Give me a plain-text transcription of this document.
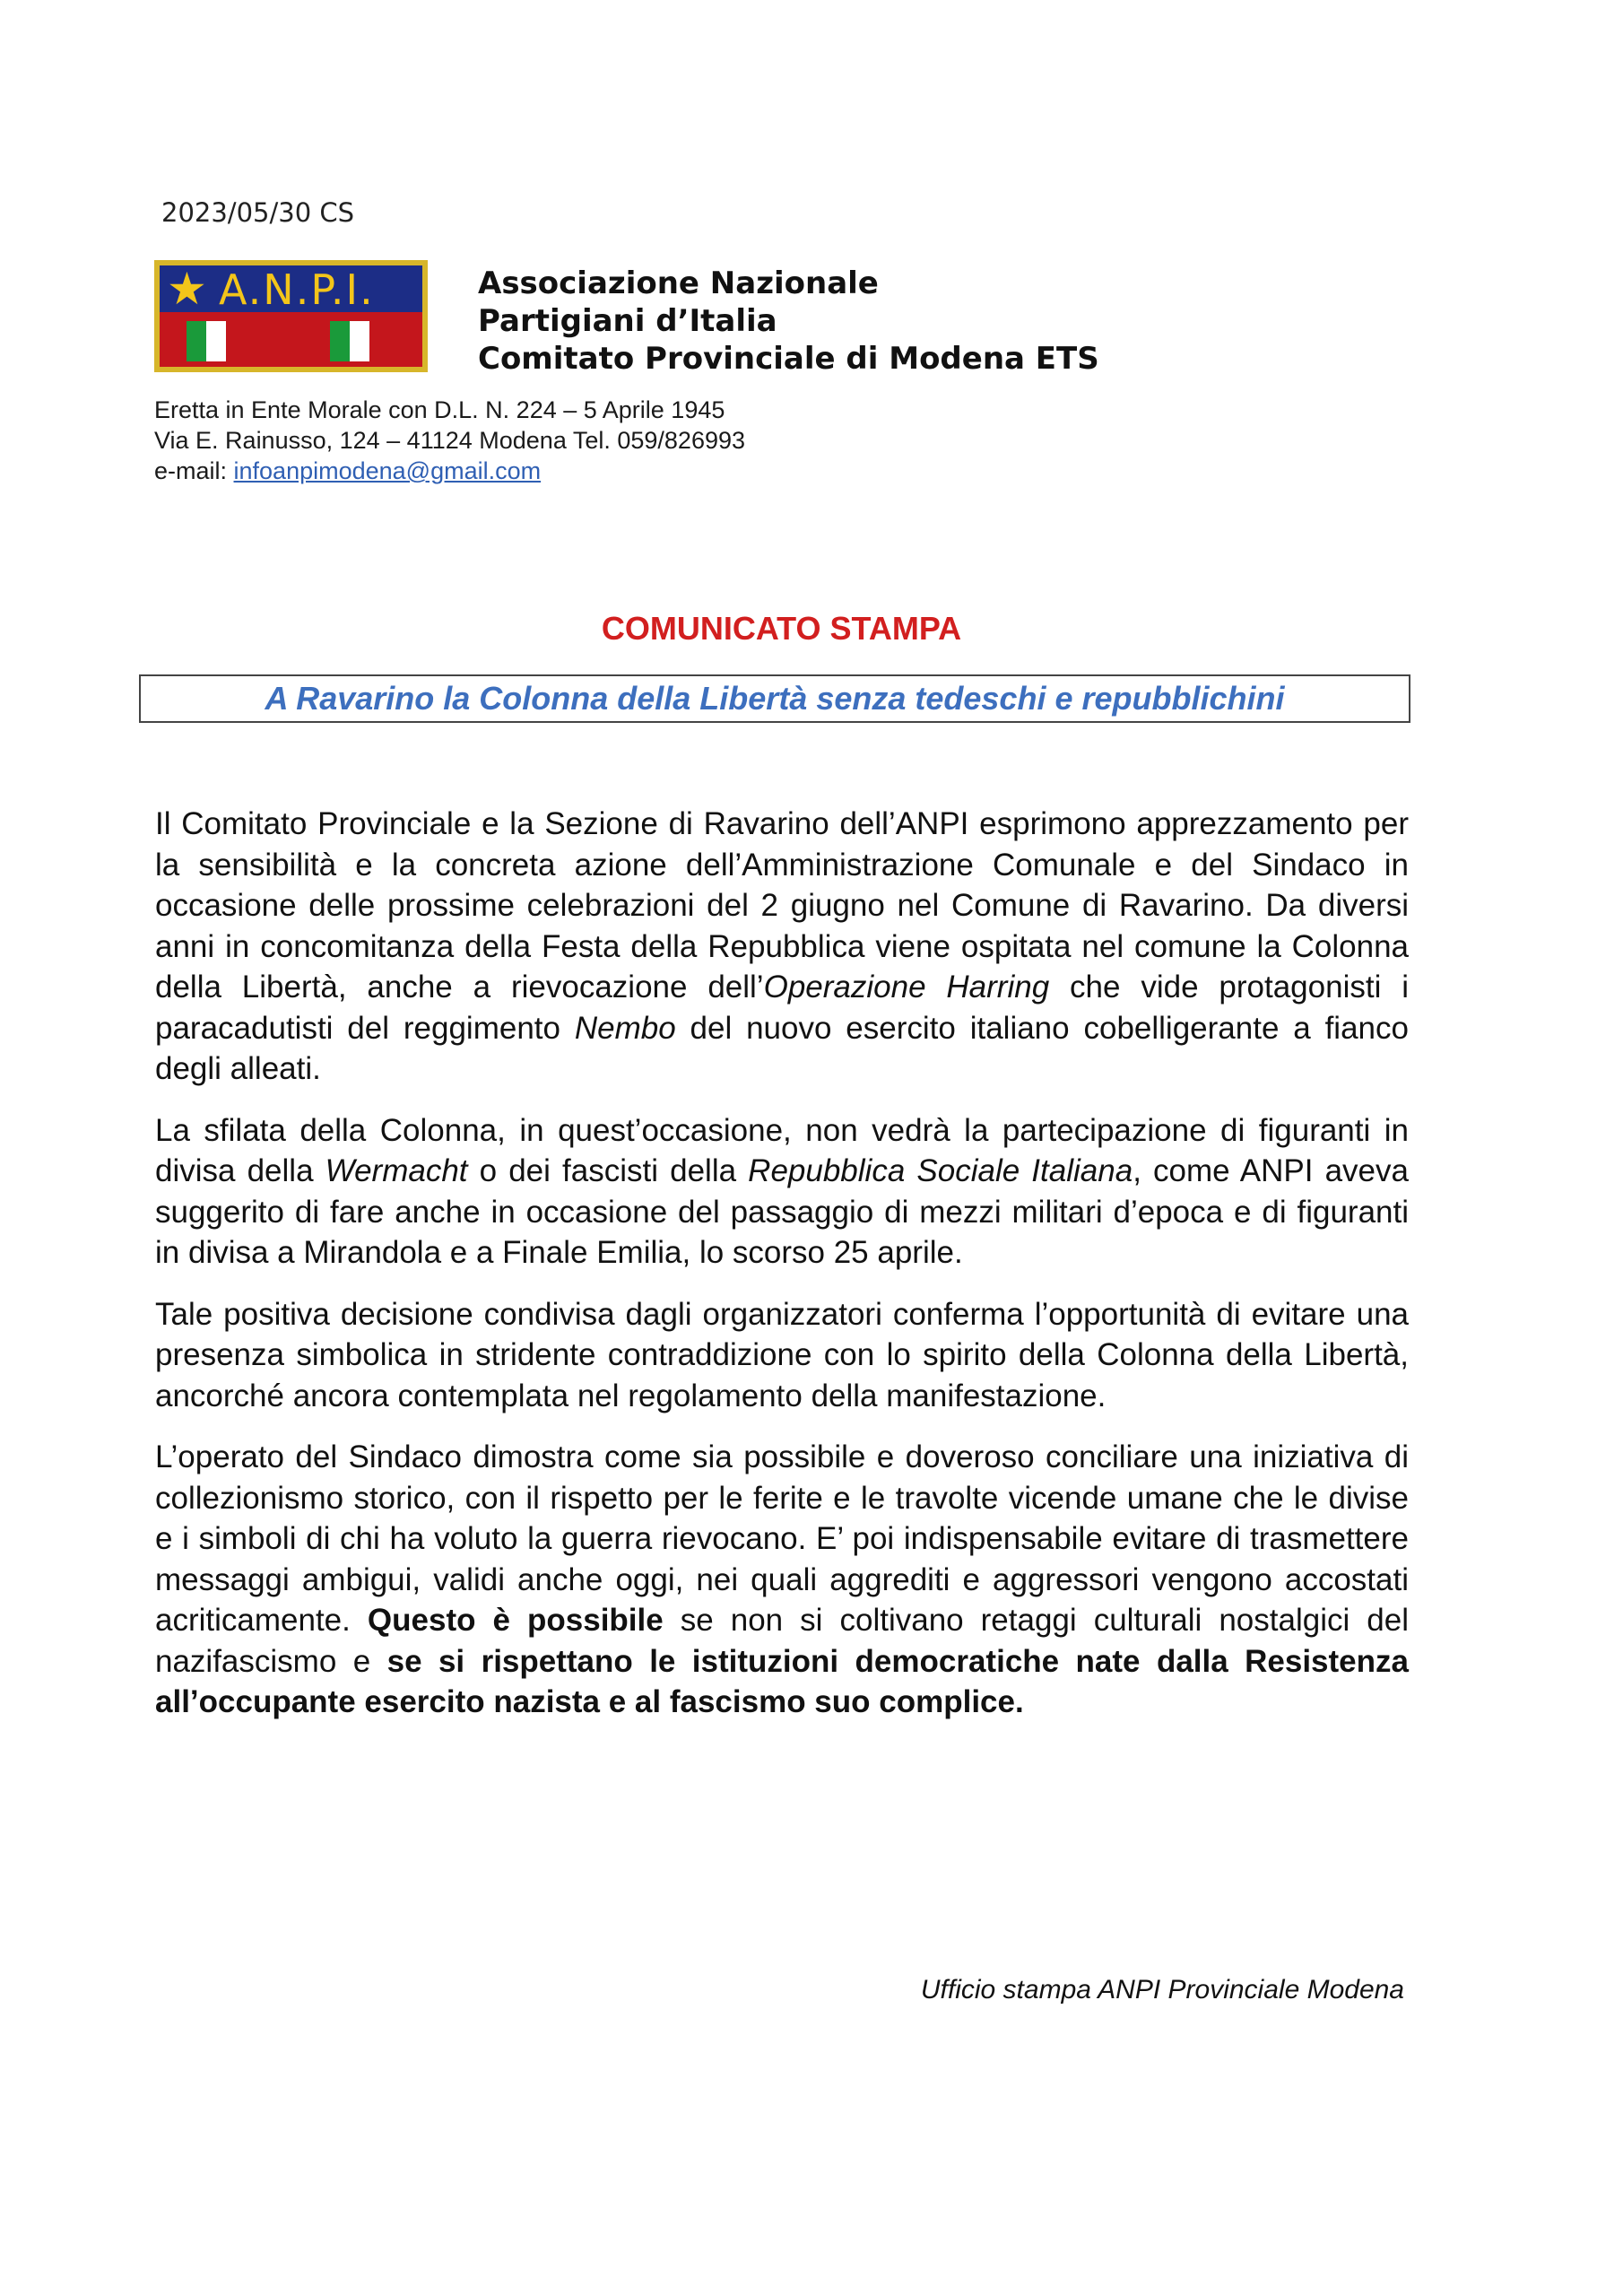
2023/05/30 CS
★ A.N.P.I.	Associazione Nazionale
Partigiani d’Italia
Comitato Provinciale di Modena ETS
Eretta in Ente Morale con D.L. N. 224 – 5 Aprile 1945
Via E. Rainusso, 124 – 41124 Modena Tel. 059/826993
e-mail: infoanpimodena@gmail.com
COMUNICATO STAMPA
A Ravarino la Colonna della Libertà senza tedeschi e repubblichini

Il Comitato Provinciale e la Sezione di Ravarino dell’ANPI esprimono apprezzamento per la sensibilità e la concreta azione dell’Amministrazione Comunale e del Sindaco in occasione delle prossime celebrazioni del 2 giugno nel Comune di Ravarino. Da diversi anni in concomitanza della Festa della Repubblica viene ospitata nel comune la Colonna della Libertà, anche a rievocazione dell’Operazione Harring che vide protagonisti i paracadutisti del reggimento Nembo del nuovo esercito italiano cobelligerante a fianco degli alleati.

La sfilata della Colonna, in quest’occasione, non vedrà la partecipazione di figuranti in divisa della Wermacht o dei fascisti della Repubblica Sociale Italiana, come ANPI aveva suggerito di fare anche in occasione del passaggio di mezzi militari d’epoca e di figuranti in divisa a Mirandola e a Finale Emilia, lo scorso 25 aprile.

Tale positiva decisione condivisa dagli organizzatori conferma l’opportunità di evitare una presenza simbolica in stridente contraddizione con lo spirito della Colonna della Libertà, ancorché ancora contemplata nel regolamento della manifestazione.

L’operato del Sindaco dimostra come sia possibile e doveroso conciliare una iniziativa di collezionismo storico, con il rispetto per le ferite e le travolte vicende umane che le divise e i simboli di chi ha voluto la guerra rievocano. E’ poi indispensabile evitare di trasmettere messaggi ambigui, validi anche oggi, nei quali aggrediti e aggressori vengono accostati acriticamente. Questo è possibile se non si coltivano retaggi culturali nostalgici del nazifascismo e se si rispettano le istituzioni democratiche nate dalla Resistenza all’occupante esercito nazista e al fascismo suo complice.

Ufficio stampa ANPI Provinciale Modena
